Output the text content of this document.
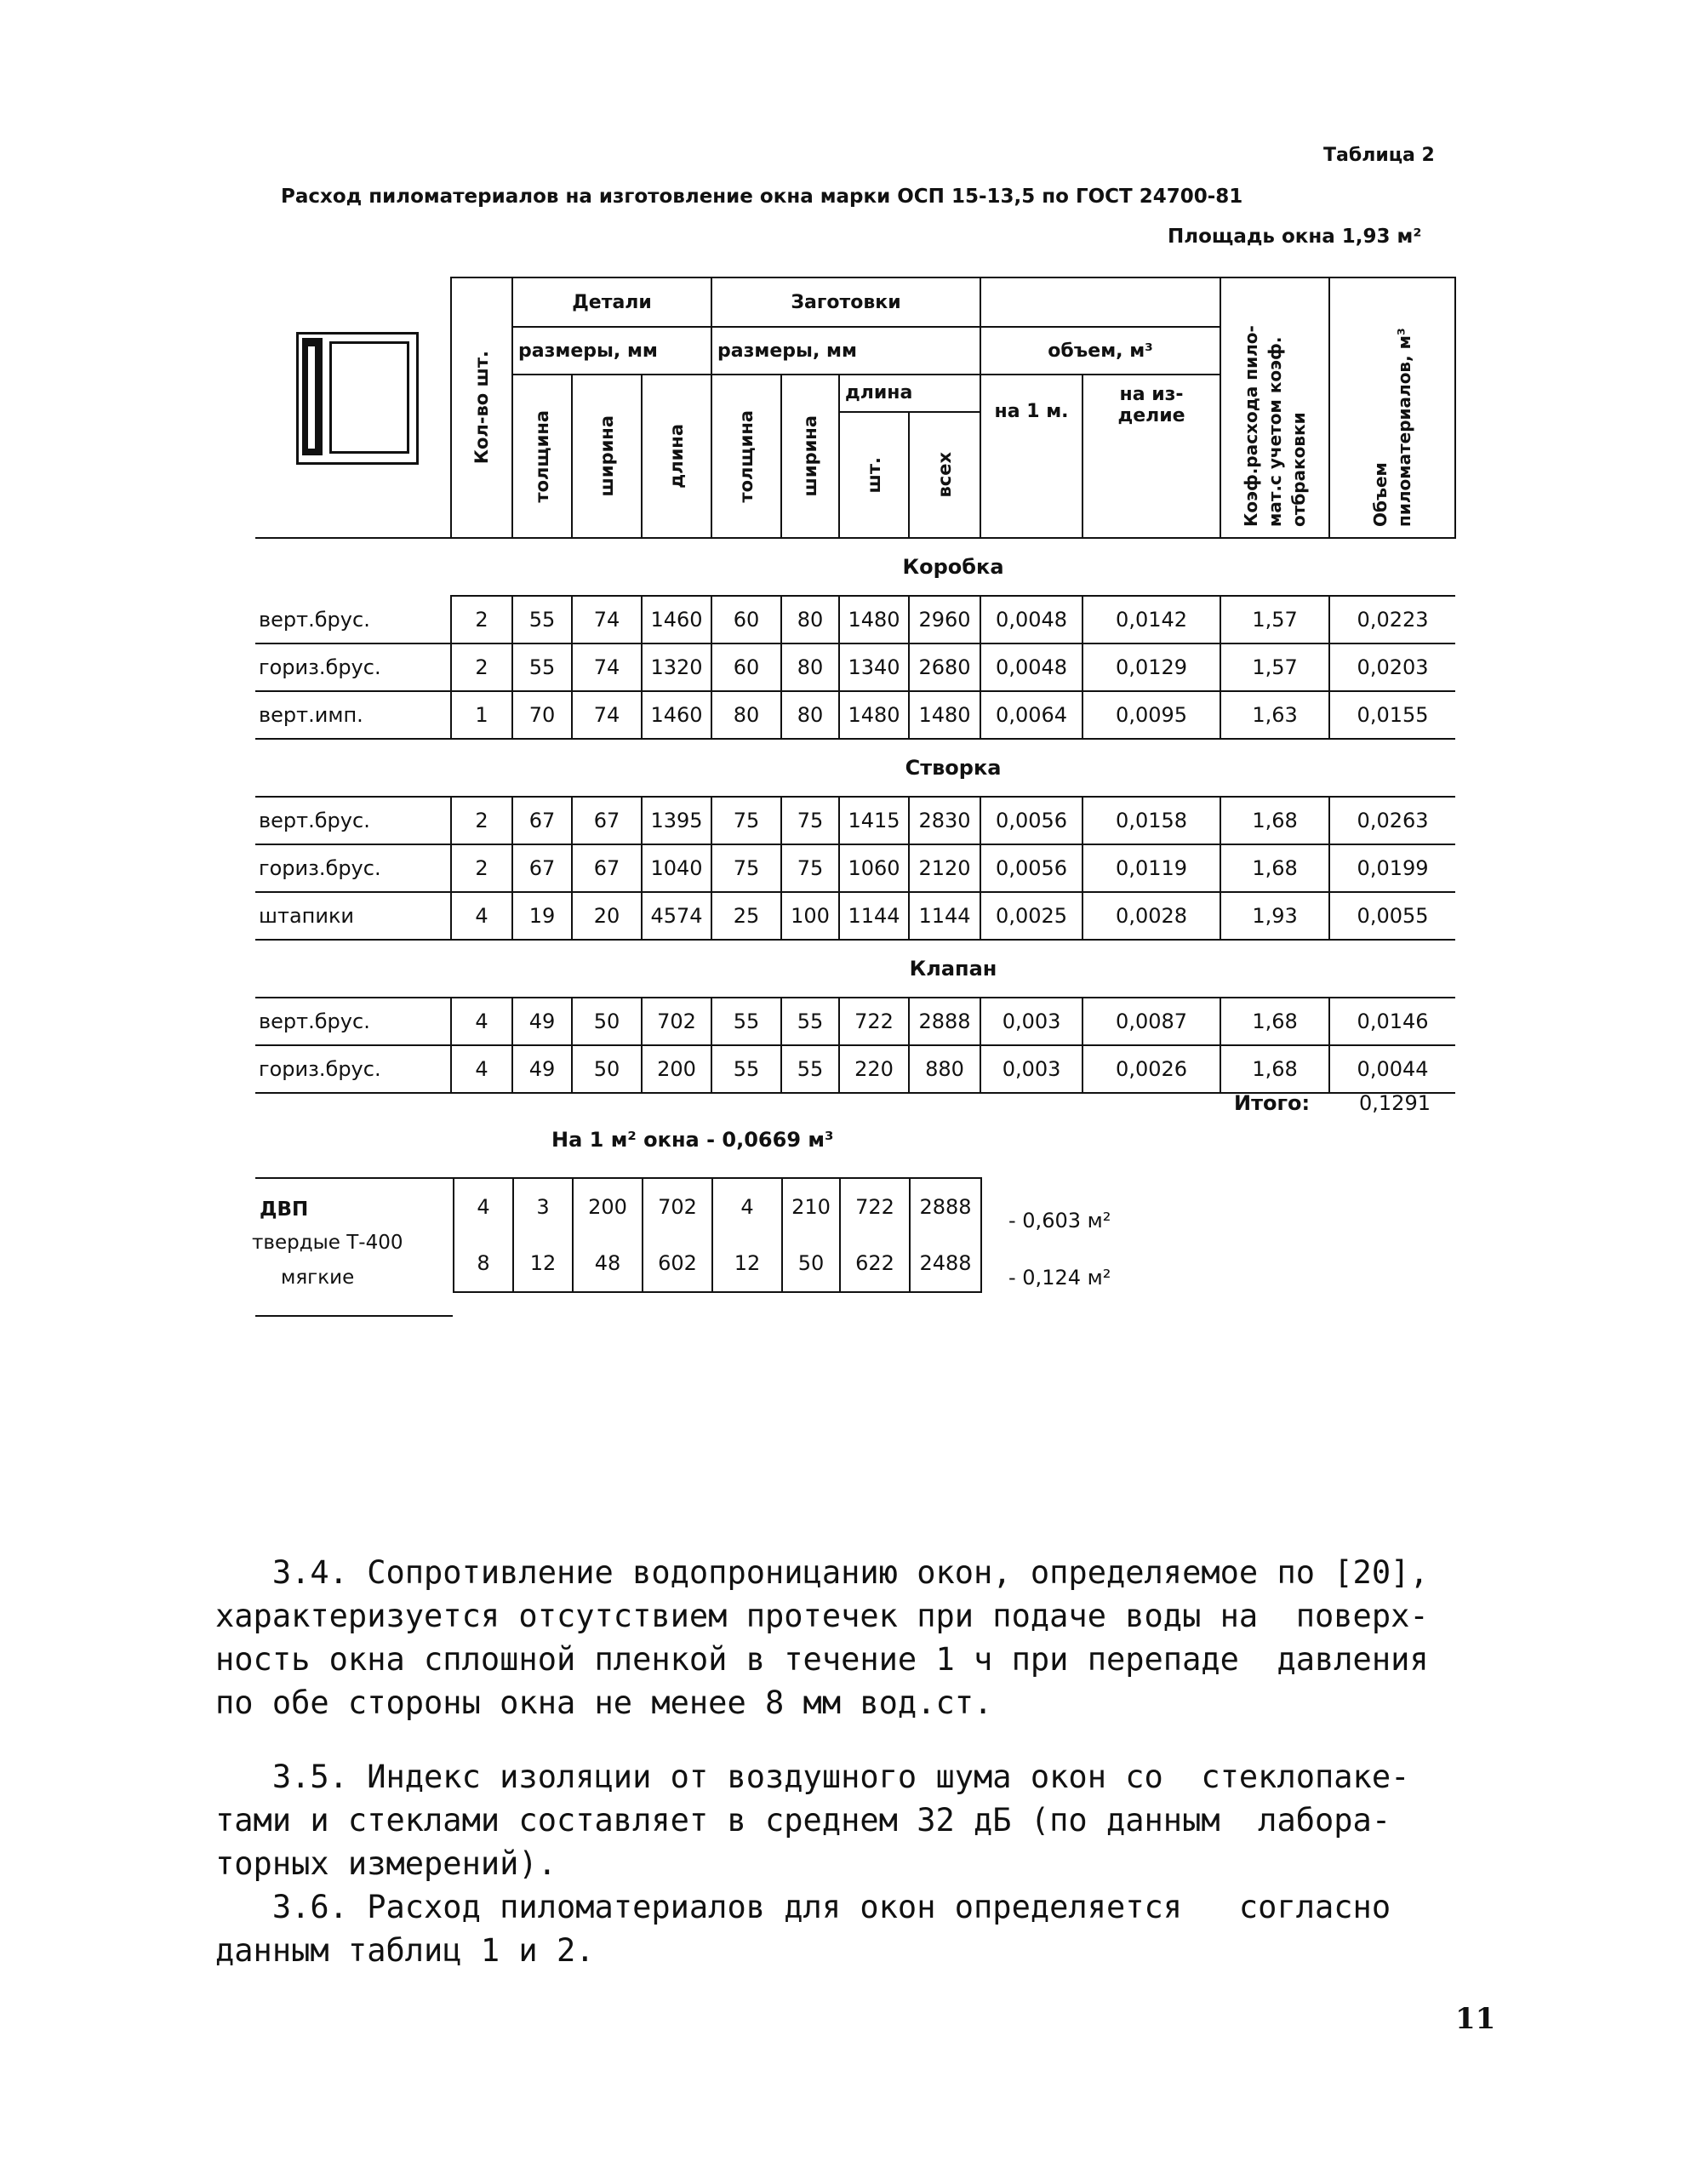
Таблица 2
Расход пиломатериалов на изготовление окна марки ОСП 15-13,5 по ГОСТ 24700-81
Площадь окна 1,93 м²

	Кол-во шт.	Детали			Заготовки						Коэф.расхода пило-мат.с учетом коэф. отбраковки	Объем пиломатериалов, м³

		размеры, мм			размеры, мм				объем, м³			

		толщина	ширина	длина	толщина	ширина	длина		на 1 м.	на из-делие		

							шт.	всех				

	Коробка											
верт.брус.	2	55	74	1460	60	80	1480	2960	0,0048	0,0142	1,57	0,0223
гориз.брус.	2	55	74	1320	60	80	1340	2680	0,0048	0,0129	1,57	0,0203
верт.имп.	1	70	74	1460	80	80	1480	1480	0,0064	0,0095	1,63	0,0155
	Створка											
верт.брус.	2	67	67	1395	75	75	1415	2830	0,0056	0,0158	1,68	0,0263
гориз.брус.	2	67	67	1040	75	75	1060	2120	0,0056	0,0119	1,68	0,0199
штапики	4	19	20	4574	25	100	1144	1144	0,0025	0,0028	1,93	0,0055
	Клапан											
верт.брус.	4	49	50	702	55	55	722	2888	0,003	0,0087	1,68	0,0146
гориз.брус.	4	49	50	200	55	55	220	880	0,003	0,0026	1,68	0,0044
Итого: 0,1291
На 1 м² окна - 0,0669 м³
ДВП
твердые Т-400
мягкие
4	3	200	702	4	210	722	2888
8	12	48	602	12	50	622	2488
- 0,603 м²
- 0,124 м²
3.4. Сопротивление водопроницанию окон, определяемое по [20],
характеризуется отсутствием протечек при подаче воды на  поверх-
ность окна сплошной пленкой в течение 1 ч при перепаде  давления
по обе стороны окна не менее 8 мм вод.ст.
3.5. Индекс изоляции от воздушного шума окон со  стеклопаке-
тами и стеклами составляет в среднем 32 дБ (по данным  лабора-
торных измерений).
3.6. Расход пиломатериалов для окон определяется   согласно
данным таблиц 1 и 2.
11
